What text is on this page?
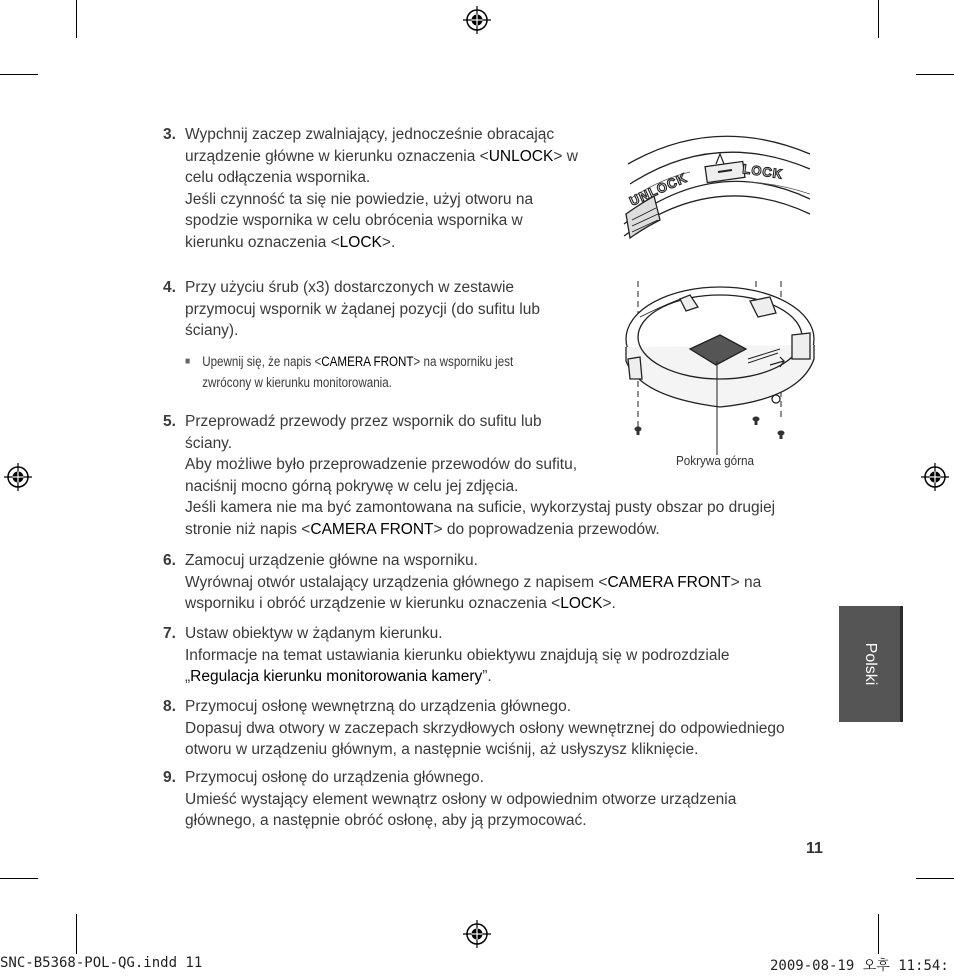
3. Wypchnij zaczep zwalniający, jednocześnie obracając

urządzenie główne w kierunku oznaczenia <UNLOCK> w

celu odłączenia wspornika.

Jeśli czynność ta się nie powiedzie, użyj otworu na

spodzie wspornika w celu obrócenia wspornika w

kierunku oznaczenia <LOCK>.

4. Przy użyciu śrub (x3) dostarczonych w zestawie

przymocuj wspornik w żądanej pozycji (do sufitu lub

ściany).

5. Przeprowadź przewody przez wspornik do sufitu lub

ściany.

Aby możliwe było przeprowadzenie przewodów do sufitu,

naciśnij mocno górną pokrywę w celu jej zdjęcia.

Jeśli kamera nie ma być zamontowana na suficie, wykorzystaj pusty obszar po drugiej

stronie niż napis <CAMERA FRONT> do poprowadzenia przewodów.

6. Zamocuj urządzenie główne na wsporniku.

Wyrównaj otwór ustalający urządzenia głównego z napisem <CAMERA FRONT> na

wsporniku i obróć urządzenie w kierunku oznaczenia <LOCK>.

7. Ustaw obiektyw w żądanym kierunku.

Informacje na temat ustawiania kierunku obiektywu znajdują się w podrozdziale

„Regulacja kierunku monitorowania kamery”.

8. Przymocuj osłonę wewnętrzną do urządzenia głównego.

Dopasuj dwa otwory w zaczepach skrzydłowych osłony wewnętrznej do odpowiedniego

otworu w urządzeniu głównym, a następnie wciśnij, aż usłyszysz kliknięcie.

9. Przymocuj osłonę do urządzenia głównego.

Umieść wystający element wewnątrz osłony w odpowiednim otworze urządzenia

głównego, a następnie obróć osłonę, aby ją przymocować.

■ Upewnij się, że napis <CAMERA FRONT> na wsporniku jest

zwrócony w kierunku monitorowania.

UNLOCK	LOCK
Pokrywa górna
Polski
11
SNC-B5368-POL-QG.indd 11	2009-08-19 오후 11:54:
